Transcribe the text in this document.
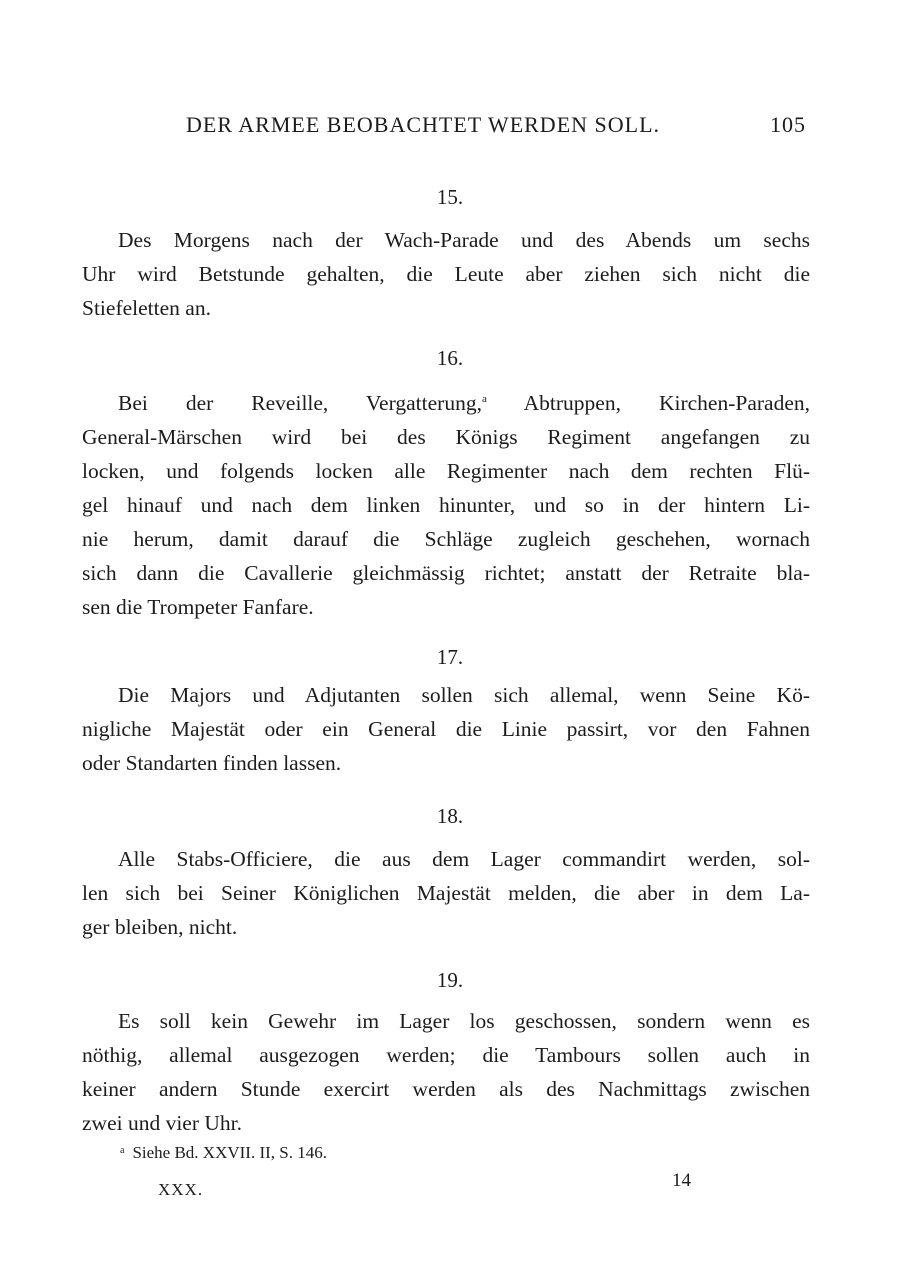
DER ARMEE BEOBACHTET WERDEN SOLL.	105
15.

Des Morgens nach der Wach-Parade und des Abends um sechs
Uhr wird Betstunde gehalten, die Leute aber ziehen sich nicht die
Stiefeletten an.

16.

Bei der Reveille, Vergatterung,$^a$ Abtruppen, Kirchen-Paraden,
General-Märschen wird bei des Königs Regiment angefangen zu
locken, und folgends locken alle Regimenter nach dem rechten Flü-
gel hinauf und nach dem linken hinunter, und so in der hintern Li-
nie herum, damit darauf die Schläge zugleich geschehen, wornach
sich dann die Cavallerie gleichmässig richtet; anstatt der Retraite bla-
sen die Trompeter Fanfare.

17.

Die Majors und Adjutanten sollen sich allemal, wenn Seine Kö-
nigliche Majestät oder ein General die Linie passirt, vor den Fahnen
oder Standarten finden lassen.

18.

Alle Stabs-Officiere, die aus dem Lager commandirt werden, sol-
len sich bei Seiner Königlichen Majestät melden, die aber in dem La-
ger bleiben, nicht.

19.

Es soll kein Gewehr im Lager los geschossen, sondern wenn es
nöthig, allemal ausgezogen werden; die Tambours sollen auch in
keiner andern Stunde exercirt werden als des Nachmittags zwischen
zwei und vier Uhr.

$^a$ Siehe Bd. XXVII. II, S. 146.
XXX.	14
